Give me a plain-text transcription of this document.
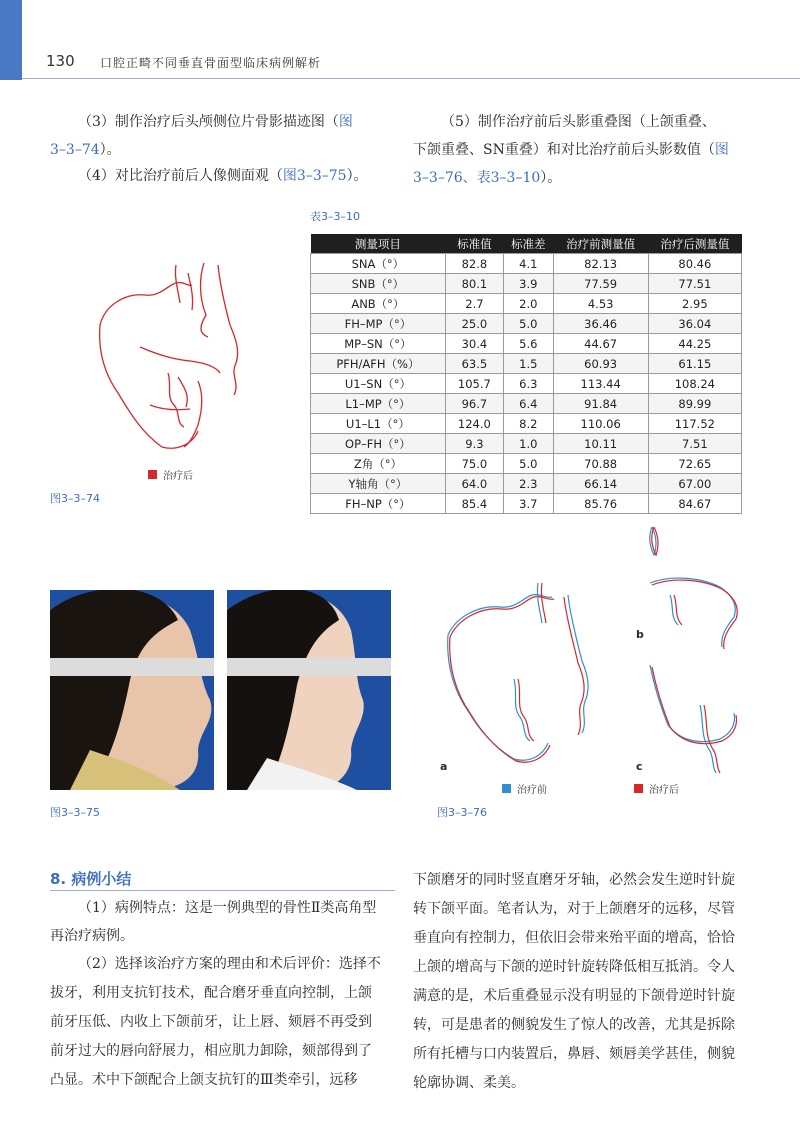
130 口腔正畸不同垂直骨面型临床病例解析
（3）制作治疗后头颅侧位片骨影描迹图（图
3–3–74）。
（4）对比治疗前后人像侧面观（图3–3–75）。
（5）制作治疗前后头影重叠图（上颌重叠、
下颌重叠、SN重叠）和对比治疗前后头影数值（图
3–3–76、表3–3–10）。
表3–3–10
测量项目	标准值	标准差	治疗前测量值	治疗后测量值
SNA（°）	82.8	4.1	82.13	80.46
SNB（°）	80.1	3.9	77.59	77.51
ANB（°）	2.7	2.0	4.53	2.95
FH–MP（°）	25.0	5.0	36.46	36.04
MP–SN（°）	30.4	5.6	44.67	44.25
PFH/AFH（%）	63.5	1.5	60.93	61.15
U1–SN（°）	105.7	6.3	113.44	108.24
L1–MP（°）	96.7	6.4	91.84	89.99
U1–L1（°）	124.0	8.2	110.06	117.52
OP–FH（°）	9.3	1.0	10.11	7.51
Z角（°）	75.0	5.0	70.88	72.65
Y轴角（°）	64.0	2.3	66.14	67.00
FH–NP（°）	85.4	3.7	85.76	84.67
治疗后
图3–3–74
图3–3–75
a
b
c
治疗前	治疗后
图3–3–76
8. 病例小结
（1）病例特点：这是一例典型的骨性Ⅱ类高角型再治疗病例。
（2）选择该治疗方案的理由和术后评价：选择不拔牙，利用支抗钉技术，配合磨牙垂直向控制，上颌前牙压低、内收上下颌前牙，让上唇、颏唇不再受到前牙过大的唇向舒展力，相应肌力卸除，颏部得到了凸显。术中下颌配合上颌支抗钉的Ⅲ类牵引，远移
下颌磨牙的同时竖直磨牙牙轴，必然会发生逆时针旋转下颌平面。笔者认为，对于上颌磨牙的远移，尽管垂直向有控制力，但依旧会带来殆平面的增高，恰恰上颌的增高与下颌的逆时针旋转降低相互抵消。令人满意的是，术后重叠显示没有明显的下颌骨逆时针旋转，可是患者的侧貌发生了惊人的改善，尤其是拆除所有托槽与口内装置后，鼻唇、颏唇美学甚佳，侧貌轮廓协调、柔美。
